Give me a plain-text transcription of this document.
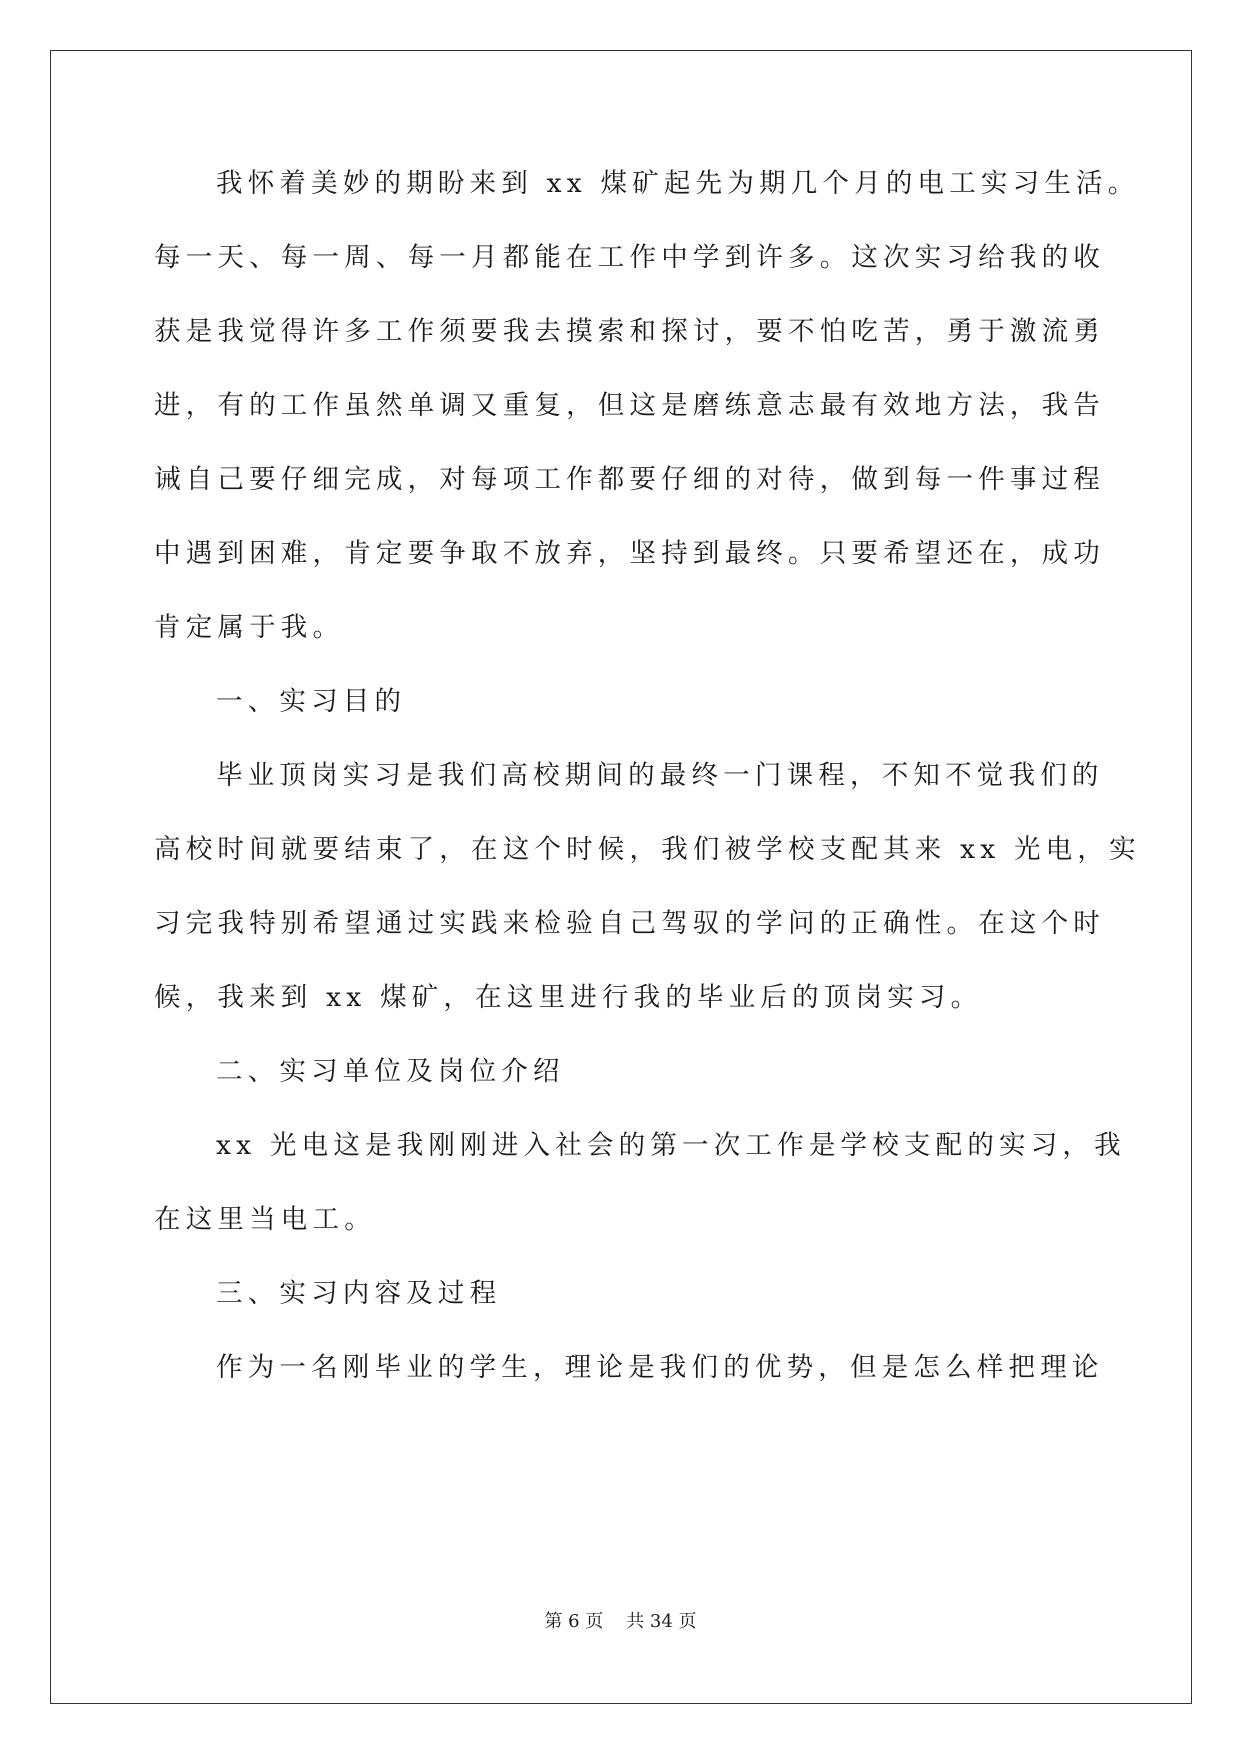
我怀着美妙的期盼来到 xx 煤矿起先为期几个月的电工实习生活。
每一天、每一周、每一月都能在工作中学到许多。这次实习给我的收
获是我觉得许多工作须要我去摸索和探讨，要不怕吃苦，勇于激流勇
进，有的工作虽然单调又重复，但这是磨练意志最有效地方法，我告
诫自己要仔细完成，对每项工作都要仔细的对待，做到每一件事过程
中遇到困难，肯定要争取不放弃，坚持到最终。只要希望还在，成功
肯定属于我。
一、实习目的
毕业顶岗实习是我们高校期间的最终一门课程，不知不觉我们的
高校时间就要结束了，在这个时候，我们被学校支配其来 xx 光电，实
习完我特别希望通过实践来检验自己驾驭的学问的正确性。在这个时
候，我来到 xx 煤矿，在这里进行我的毕业后的顶岗实习。
二、实习单位及岗位介绍
xx 光电这是我刚刚进入社会的第一次工作是学校支配的实习，我
在这里当电工。
三、实习内容及过程
作为一名刚毕业的学生，理论是我们的优势，但是怎么样把理论
第 6 页    共 34 页
